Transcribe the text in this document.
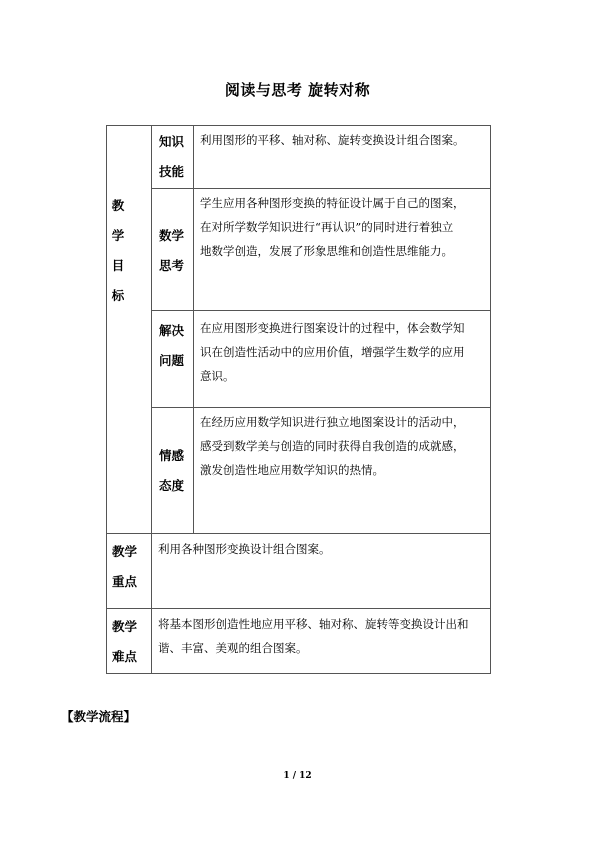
阅读与思考 旋转对称
教
学
目
标
知识
技能
利用图形的平移、轴对称、旋转变换设计组合图案。
数学
思考
学生应用各种图形变换的特征设计属于自己的图案，
在对所学数学知识进行“再认识”的同时进行着独立
地数学创造，发展了形象思维和创造性思维能力。
解决
问题
在应用图形变换进行图案设计的过程中，体会数学知
识在创造性活动中的应用价值，增强学生数学的应用
意识。
情感
态度
在经历应用数学知识进行独立地图案设计的活动中，
感受到数学美与创造的同时获得自我创造的成就感，
激发创造性地应用数学知识的热情。
教学
重点
利用各种图形变换设计组合图案。
教学
难点
将基本图形创造性地应用平移、轴对称、旋转等变换设计出和
谐、丰富、美观的组合图案。
【教学流程】
1 / 12
